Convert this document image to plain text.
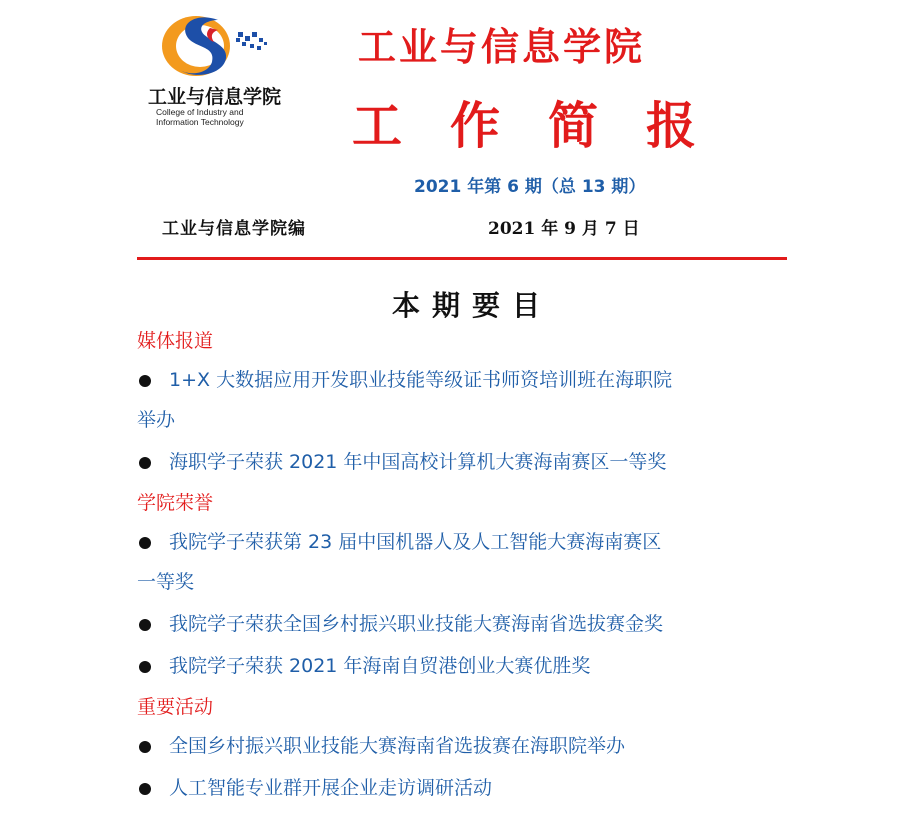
工业与信息学院
College of Industry and
Information Technology
工业与信息学院
工作简报
2021 年第 6 期（总 13 期）
工业与信息学院编	2021 年 9 月 7 日
本期要目
媒体报道
1+X 大数据应用开发职业技能等级证书师资培训班在海职院
举办
海职学子荣获 2021 年中国高校计算机大赛海南赛区一等奖
学院荣誉
我院学子荣获第 23 届中国机器人及人工智能大赛海南赛区
一等奖
我院学子荣获全国乡村振兴职业技能大赛海南省选拔赛金奖
我院学子荣获 2021 年海南自贸港创业大赛优胜奖
重要活动
全国乡村振兴职业技能大赛海南省选拔赛在海职院举办
人工智能专业群开展企业走访调研活动
